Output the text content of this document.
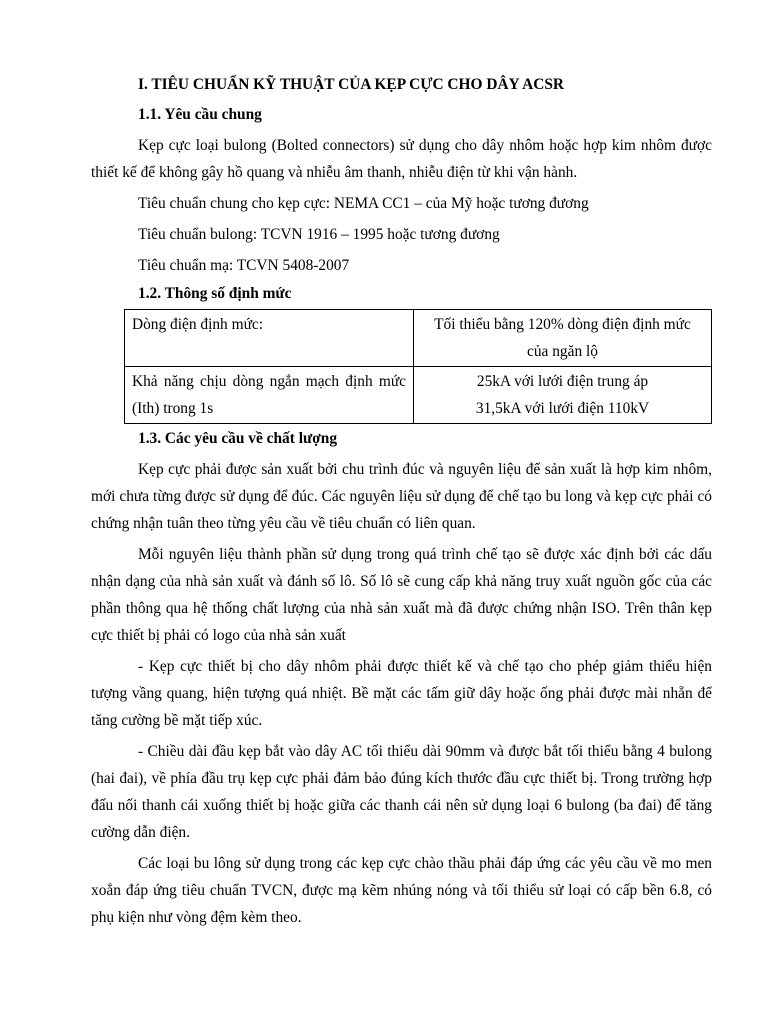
I. TIÊU CHUẨN KỸ THUẬT CỦA KẸP CỰC CHO DÂY ACSR
1.1. Yêu cầu chung
Kẹp cực loại bulong (Bolted connectors) sử dụng cho dây nhôm hoặc hợp kim nhôm được thiết kế để không gây hồ quang và nhiễu âm thanh, nhiễu điện từ khi vận hành.
Tiêu chuẩn chung cho kẹp cực: NEMA CC1 – của Mỹ hoặc tương đương
Tiêu chuẩn bulong: TCVN 1916 – 1995 hoặc tương đương
Tiêu chuẩn mạ: TCVN 5408-2007
1.2. Thông số định mức
Dòng điện định mức:	Tối thiểu bằng 120% dòng điện định mức
của ngăn lộ

Khả năng chịu dòng ngắn mạch định mức (Ith) trong 1s	25kA với lưới điện trung áp
31,5kA với lưới điện 110kV
1.3. Các yêu cầu về chất lượng
Kẹp cực phải được sản xuất bởi chu trình đúc và nguyên liệu để sản xuất là hợp kim nhôm, mới chưa từng được sử dụng để đúc. Các nguyên liệu sử dụng để chế tạo bu long và kẹp cực phải có chứng nhận tuân theo từng yêu cầu về tiêu chuẩn có liên quan.
Mỗi nguyên liệu thành phần sử dụng trong quá trình chế tạo sẽ được xác định bởi các dấu nhận dạng của nhà sản xuất và đánh số lô. Số lô sẽ cung cấp khả năng truy xuất nguồn gốc của các phần thông qua hệ thống chất lượng của nhà sản xuất mà đã được chứng nhận ISO. Trên thân kẹp cực thiết bị phải có logo của nhà sản xuất
- Kẹp cực thiết bị cho dây nhôm phải được thiết kế và chế tạo cho phép giảm thiểu hiện tượng vầng quang, hiện tượng quá nhiệt. Bề mặt các tấm giữ dây hoặc ống phải được mài nhẵn để tăng cường bề mặt tiếp xúc.
- Chiều dài đầu kẹp bắt vào dây AC tối thiểu dài 90mm và được bắt tối thiểu bằng 4 bulong (hai đai), về phía đầu trụ kẹp cực phải đảm bảo đúng kích thước đầu cực thiết bị. Trong trường hợp đấu nối thanh cái xuống thiết bị hoặc giữa các thanh cái nên sử dụng loại 6 bulong (ba đai) để tăng cường dẫn điện.
Các loại bu lông sử dụng trong các kẹp cực chào thầu phải đáp ứng các yêu cầu về mo men xoắn đáp ứng tiêu chuẩn TVCN, được mạ kẽm nhúng nóng và tối thiểu sử loại có cấp bền 6.8, có phụ kiện như vòng đệm kèm theo.
